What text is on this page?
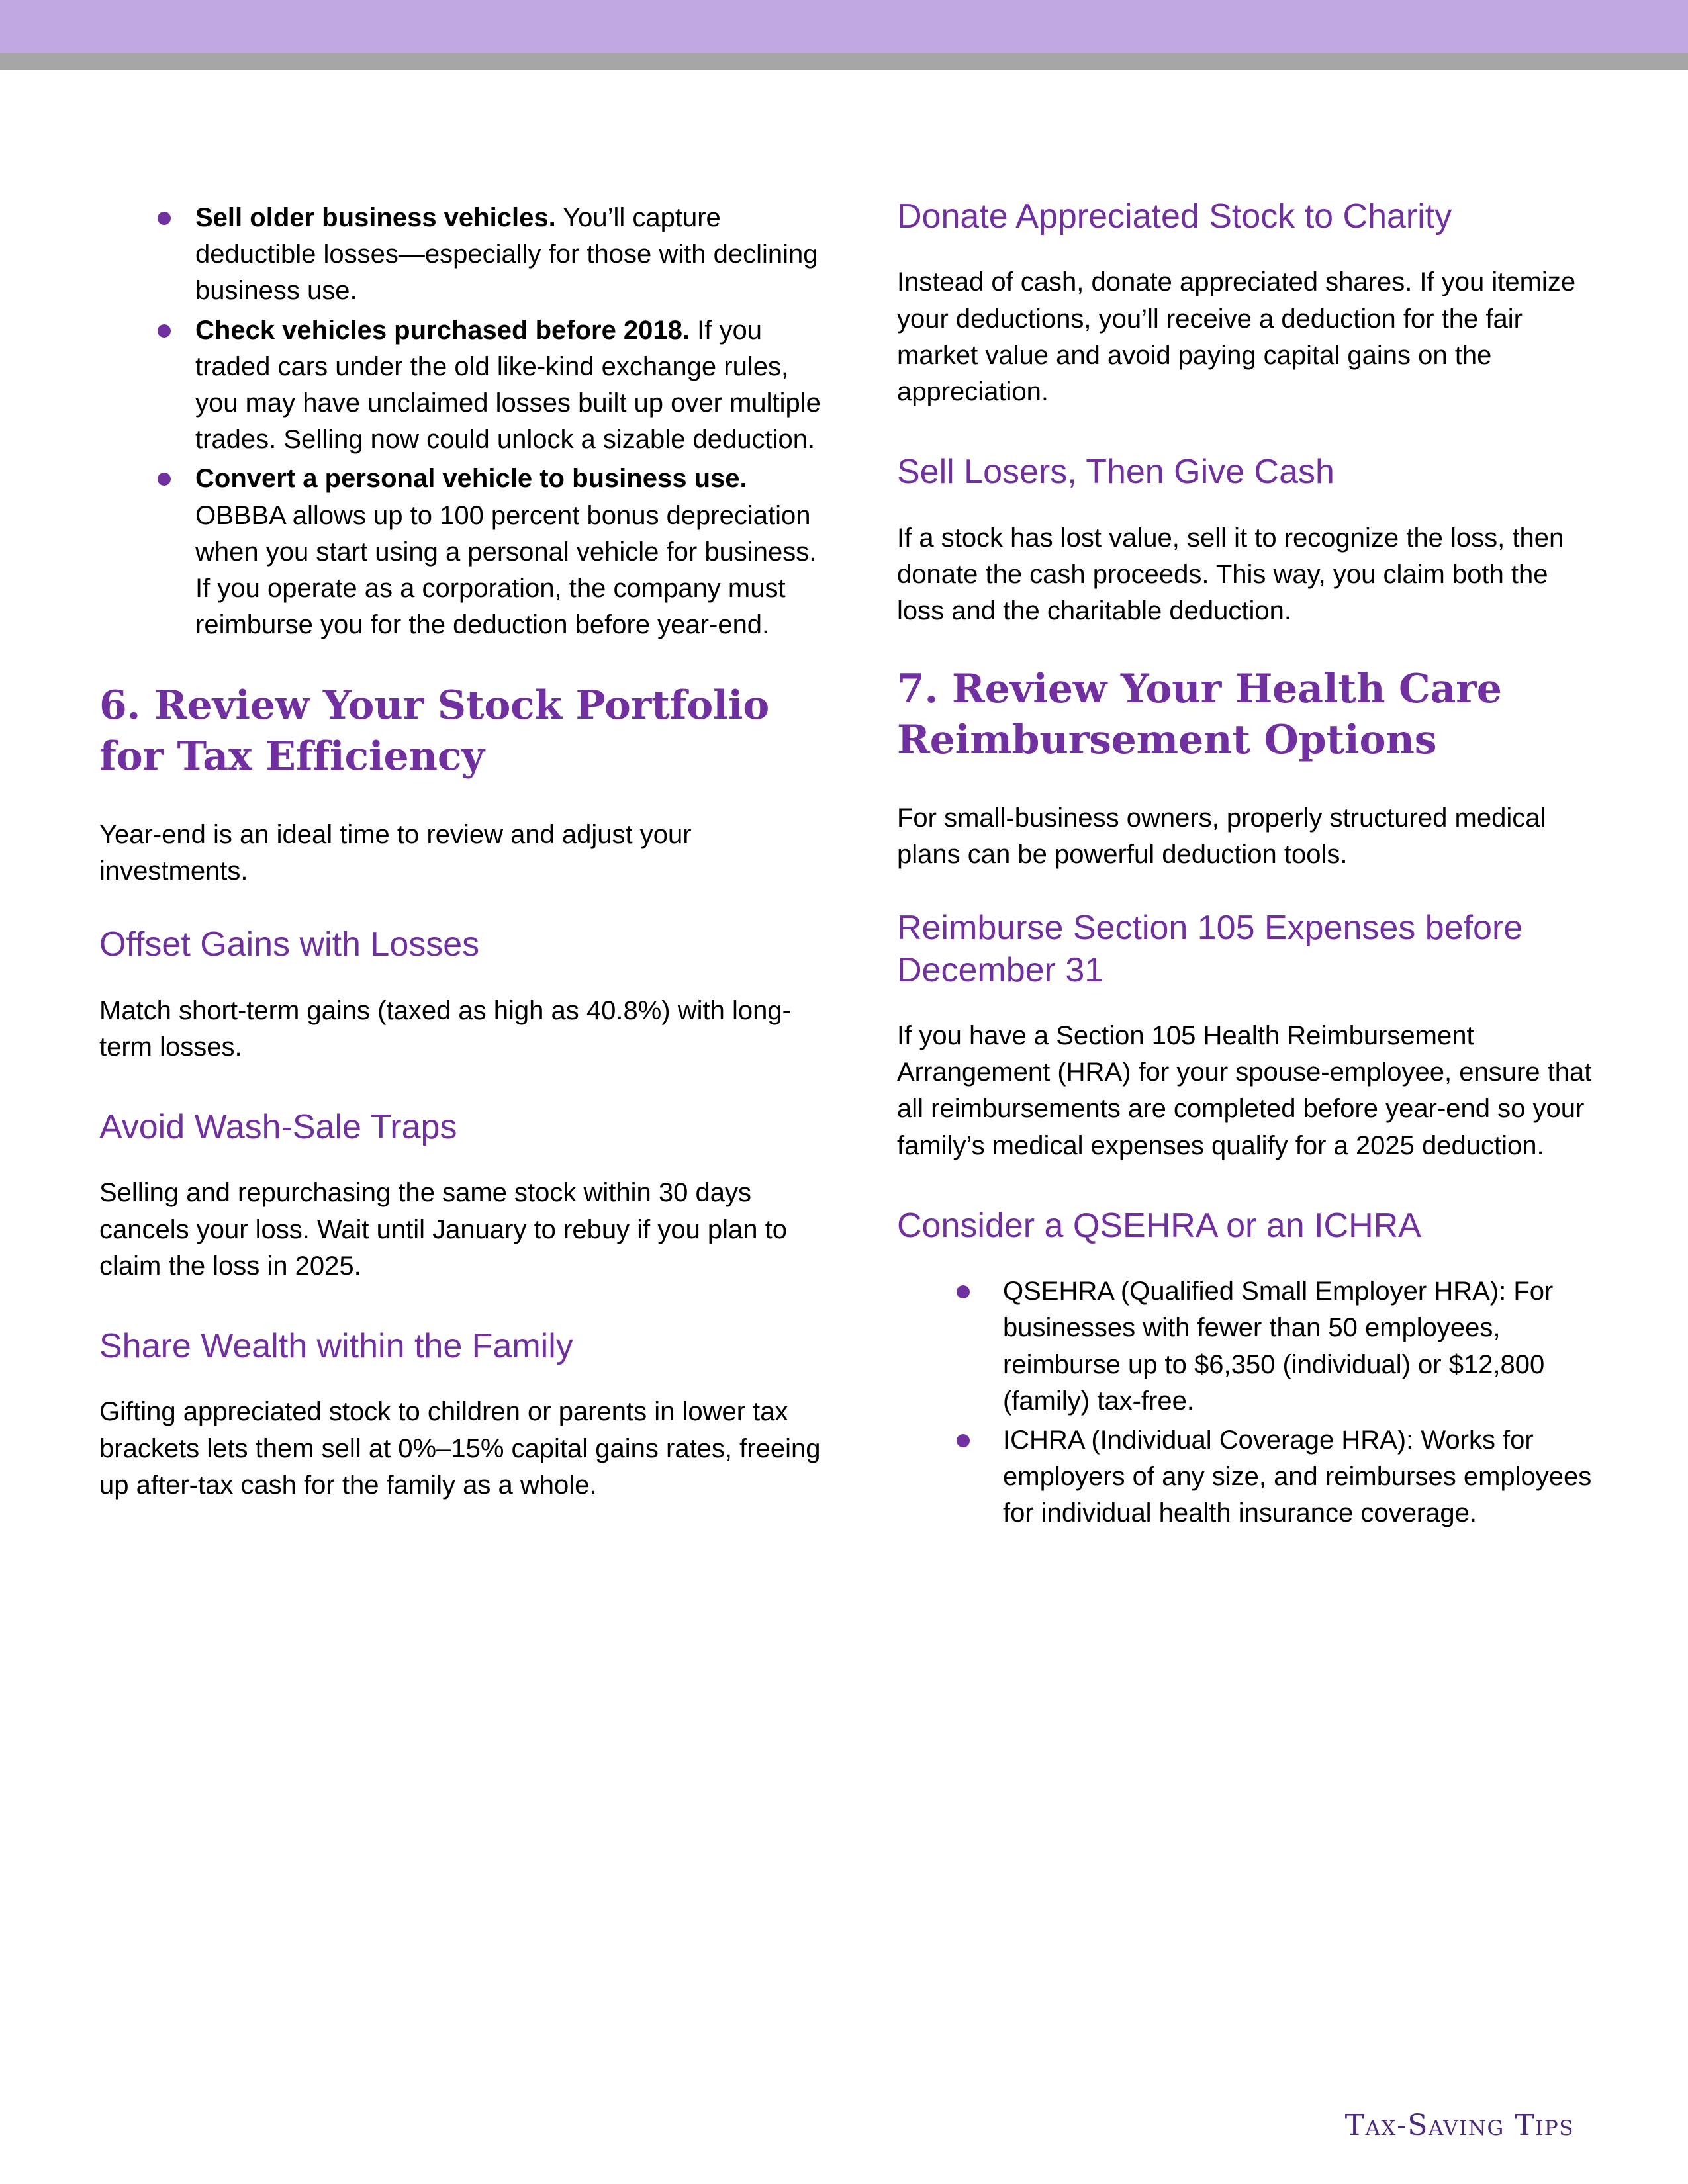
Sell older business vehicles. You’ll capture deductible losses—especially for those with declining business use.
Check vehicles purchased before 2018. If you traded cars under the old like-kind exchange rules, you may have unclaimed losses built up over multiple trades. Selling now could unlock a sizable deduction.
Convert a personal vehicle to business use. OBBBA allows up to 100 percent bonus depreciation when you start using a personal vehicle for business. If you operate as a corporation, the company must reimburse you for the deduction before year-end.
6. Review Your Stock Portfolio for Tax Efficiency

Year-end is an ideal time to review and adjust your investments.

Offset Gains with Losses

Match short-term gains (taxed as high as 40.8%) with long-term losses.

Avoid Wash-Sale Traps

Selling and repurchasing the same stock within 30 days cancels your loss. Wait until January to rebuy if you plan to claim the loss in 2025.

Share Wealth within the Family

Gifting appreciated stock to children or parents in lower tax brackets lets them sell at 0%–15% capital gains rates, freeing up after-tax cash for the family as a whole.

Donate Appreciated Stock to Charity

Instead of cash, donate appreciated shares. If you itemize your deductions, you’ll receive a deduction for the fair market value and avoid paying capital gains on the appreciation.

Sell Losers, Then Give Cash

If a stock has lost value, sell it to recognize the loss, then donate the cash proceeds. This way, you claim both the loss and the charitable deduction.

7. Review Your Health Care Reimbursement Options

For small-business owners, properly structured medical plans can be powerful deduction tools.

Reimburse Section 105 Expenses before December 31

If you have a Section 105 Health Reimbursement Arrangement (HRA) for your spouse-employee, ensure that all reimbursements are completed before year-end so your family’s medical expenses qualify for a 2025 deduction.

Consider a QSEHRA or an ICHRA
QSEHRA (Qualified Small Employer HRA): For businesses with fewer than 50 employees, reimburse up to $6,350 (individual) or $12,800 (family) tax-free.
ICHRA (Individual Coverage HRA): Works for employers of any size, and reimburses employees for individual health insurance coverage.
Tax-Saving Tips
